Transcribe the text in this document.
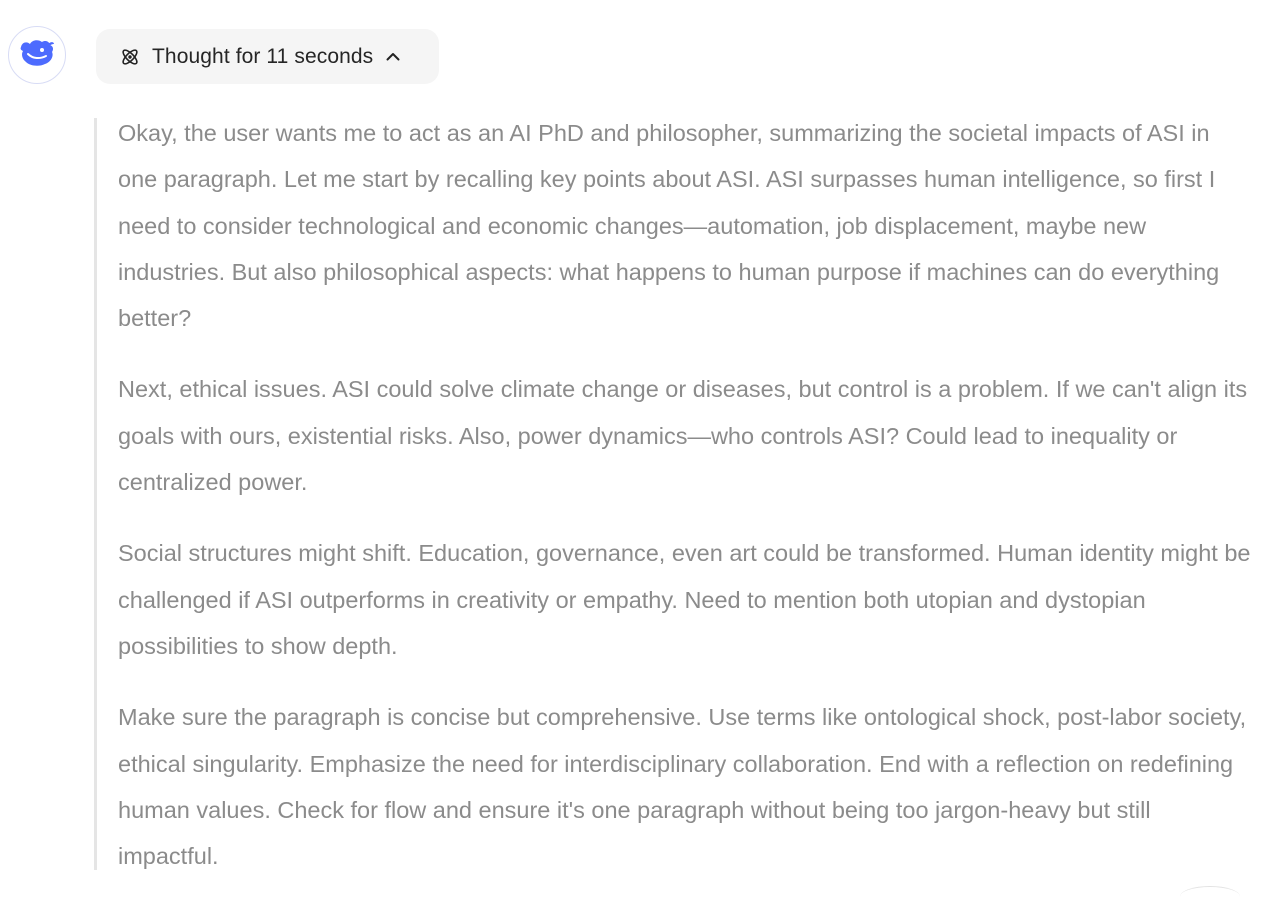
Thought for 11 seconds

Okay, the user wants me to act as an AI PhD and philosopher, summarizing the societal impacts of ASI in one paragraph. Let me start by recalling key points about ASI. ASI surpasses human intelligence, so first I need to consider technological and economic changes—automation, job displacement, maybe new industries. But also philosophical aspects: what happens to human purpose if machines can do everything better?

Next, ethical issues. ASI could solve climate change or diseases, but control is a problem. If we can't align its goals with ours, existential risks. Also, power dynamics—who controls ASI? Could lead to inequality or centralized power.

Social structures might shift. Education, governance, even art could be transformed. Human identity might be challenged if ASI outperforms in creativity or empathy. Need to mention both utopian and dystopian possibilities to show depth.

Make sure the paragraph is concise but comprehensive. Use terms like ontological shock, post-labor society, ethical singularity. Emphasize the need for interdisciplinary collaboration. End with a reflection on redefining human values. Check for flow and ensure it's one paragraph without being too jargon-heavy but still impactful.
